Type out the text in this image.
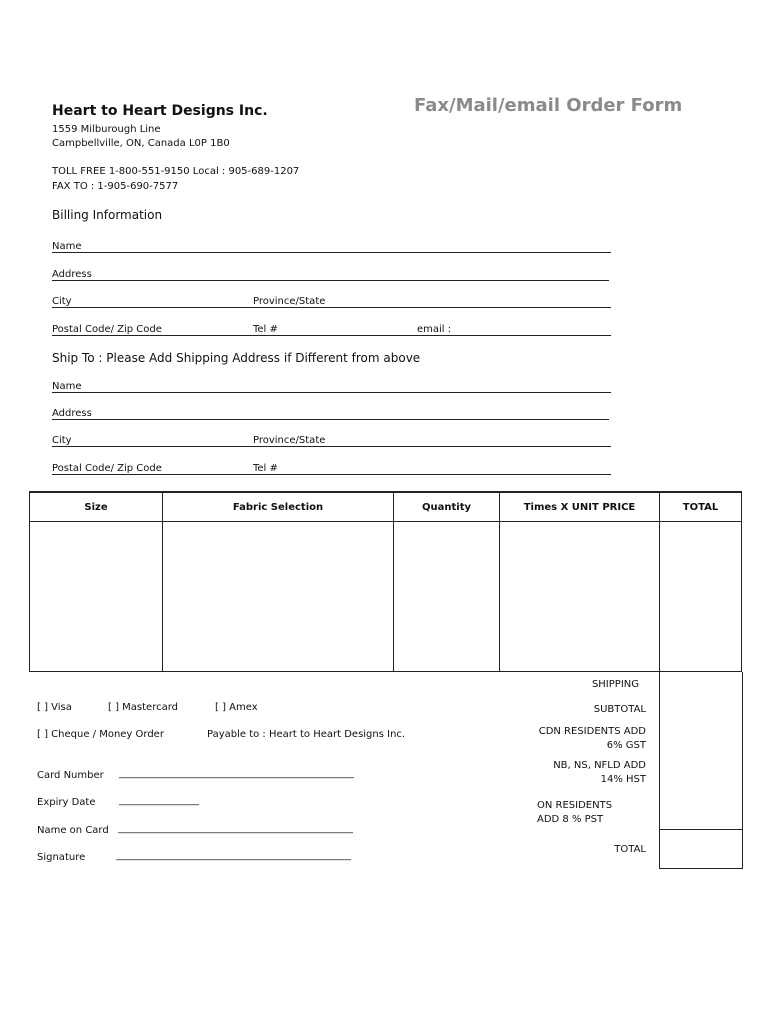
Heart to Heart Designs Inc.	Fax/Mail/email Order Form
1559 Milburough Line
Campbellville, ON, Canada L0P 1B0
TOLL FREE 1-800-551-9150 Local : 905-689-1207
FAX TO : 1-905-690-7577
Billing Information
Name
Address
City	Province/State
Postal Code/ Zip Code	Tel #	email :
Ship To : Please Add Shipping Address if Different from above
Name
Address
City	Province/State
Postal Code/ Zip Code	Tel #
Size	Fabric Selection	Quantity	Times X UNIT PRICE	TOTAL

SHIPPING
SUBTOTAL
CDN RESIDENTS ADD
6% GST
NB, NS, NFLD ADD
14% HST
ON RESIDENTS
ADD 8 % PST
TOTAL
[ ] Visa	[ ] Mastercard	[ ] Amex
[ ] Cheque / Money Order	Payable to : Heart to Heart Designs Inc.
Card Number _______________________________________________
Expiry Date ________________
Name on Card _______________________________________________
Signature	_______________________________________________
